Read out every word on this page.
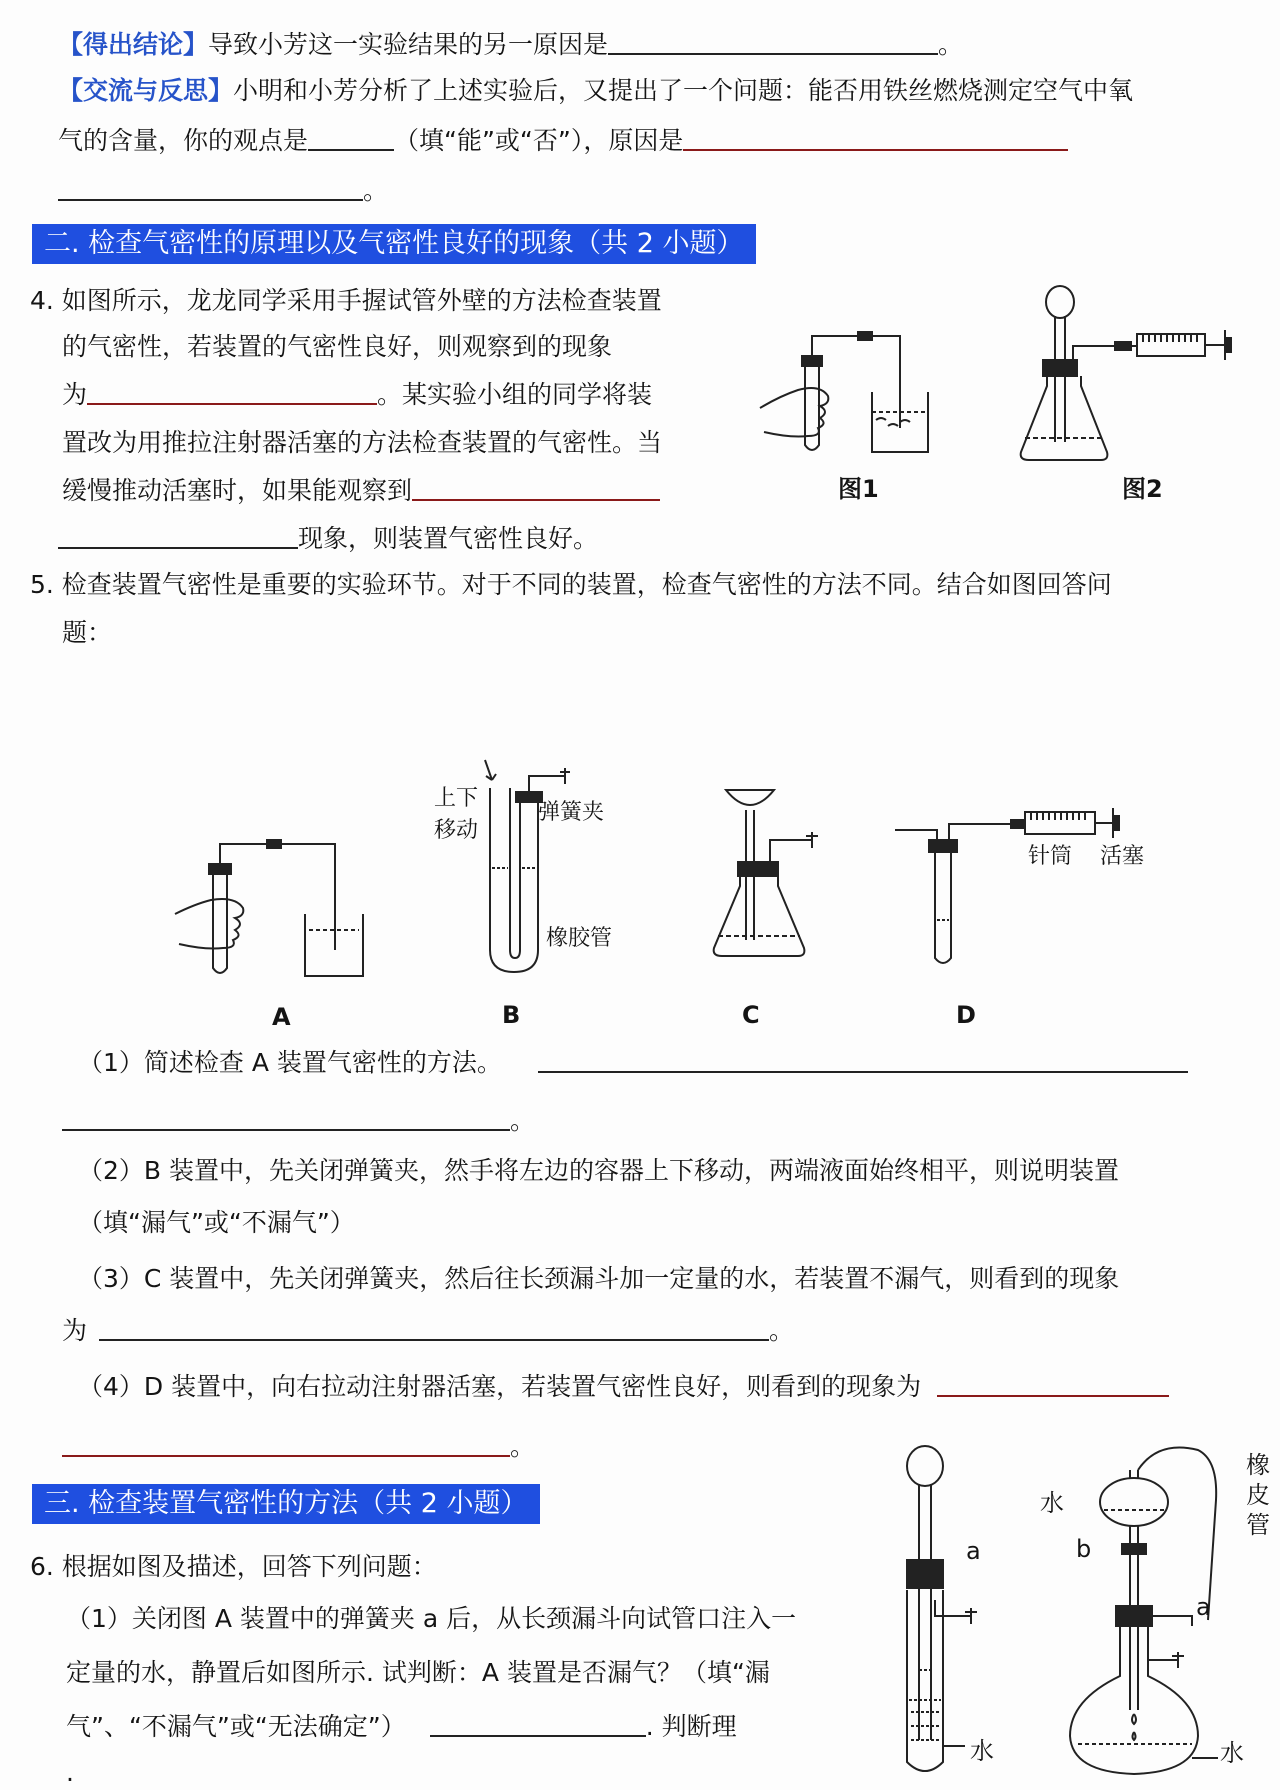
【得出结论】导致小芳这一实验结果的另一原因是	。
【交流与反思】小明和小芳分析了上述实验后，又提出了一个问题：能否用铁丝燃烧测定空气中氧
气的含量，你的观点是	（填“能”或“否”），原因是
。
二. 检查气密性的原理以及气密性良好的现象（共 2 小题）
4. 如图所示，龙龙同学采用手握试管外壁的方法检查装置
的气密性，若装置的气密性良好，则观察到的现象
为	。某实验小组的同学将装
置改为用推拉注射器活塞的方法检查装置的气密性。当
缓慢推动活塞时，如果能观察到
现象，则装置气密性良好。
图1	图2
5. 检查装置气密性是重要的实验环节。对于不同的装置，检查气密性的方法不同。结合如图回答问
题：
A
上下
移动
弹簧夹
橡胶管
B	C
针筒 活塞
D
（1）简述检查 A 装置气密性的方法。
。
（2）B 装置中，先关闭弹簧夹，然手将左边的容器上下移动，两端液面始终相平，则说明装置
（填“漏气”或“不漏气”）
（3）C 装置中，先关闭弹簧夹，然后往长颈漏斗加一定量的水，若装置不漏气，则看到的现象
为	。
（4）D 装置中，向右拉动注射器活塞，若装置气密性良好，则看到的现象为
。
三. 检查装置气密性的方法（共 2 小题）
6. 根据如图及描述，回答下列问题：
（1）关闭图 A 装置中的弹簧夹 a 后，从长颈漏斗向试管口注入一
定量的水，静置后如图所示. 试判断：A 装置是否漏气？（填“漏
气”、“不漏气”或“无法确定”）	. 判断理
.
a
水
水
b
a
橡皮管
水
